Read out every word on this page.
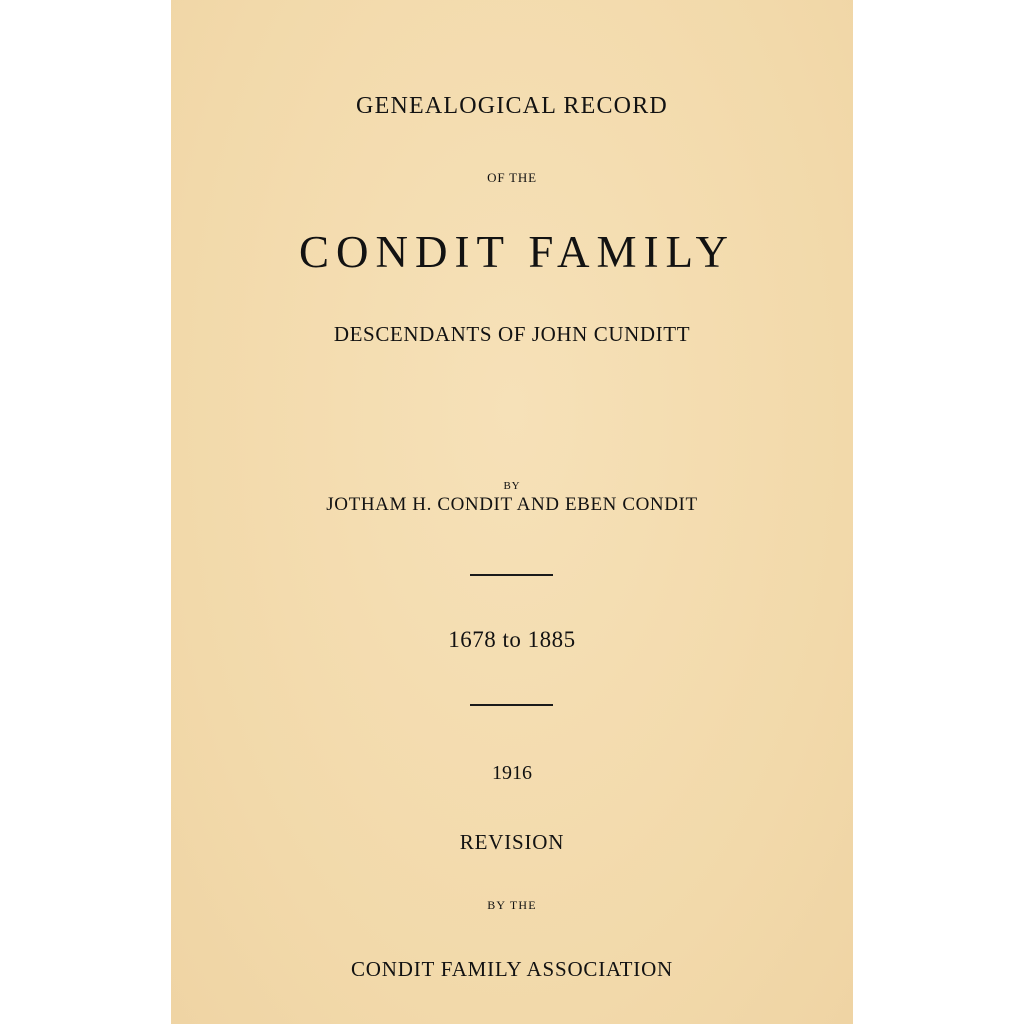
GENEALOGICAL RECORD
OF THE
CONDIT FAMILY
DESCENDANTS OF JOHN CUNDITT
BY
JOTHAM H. CONDIT AND EBEN CONDIT
1678 to 1885
1916
REVISION
BY THE
CONDIT FAMILY ASSOCIATION
